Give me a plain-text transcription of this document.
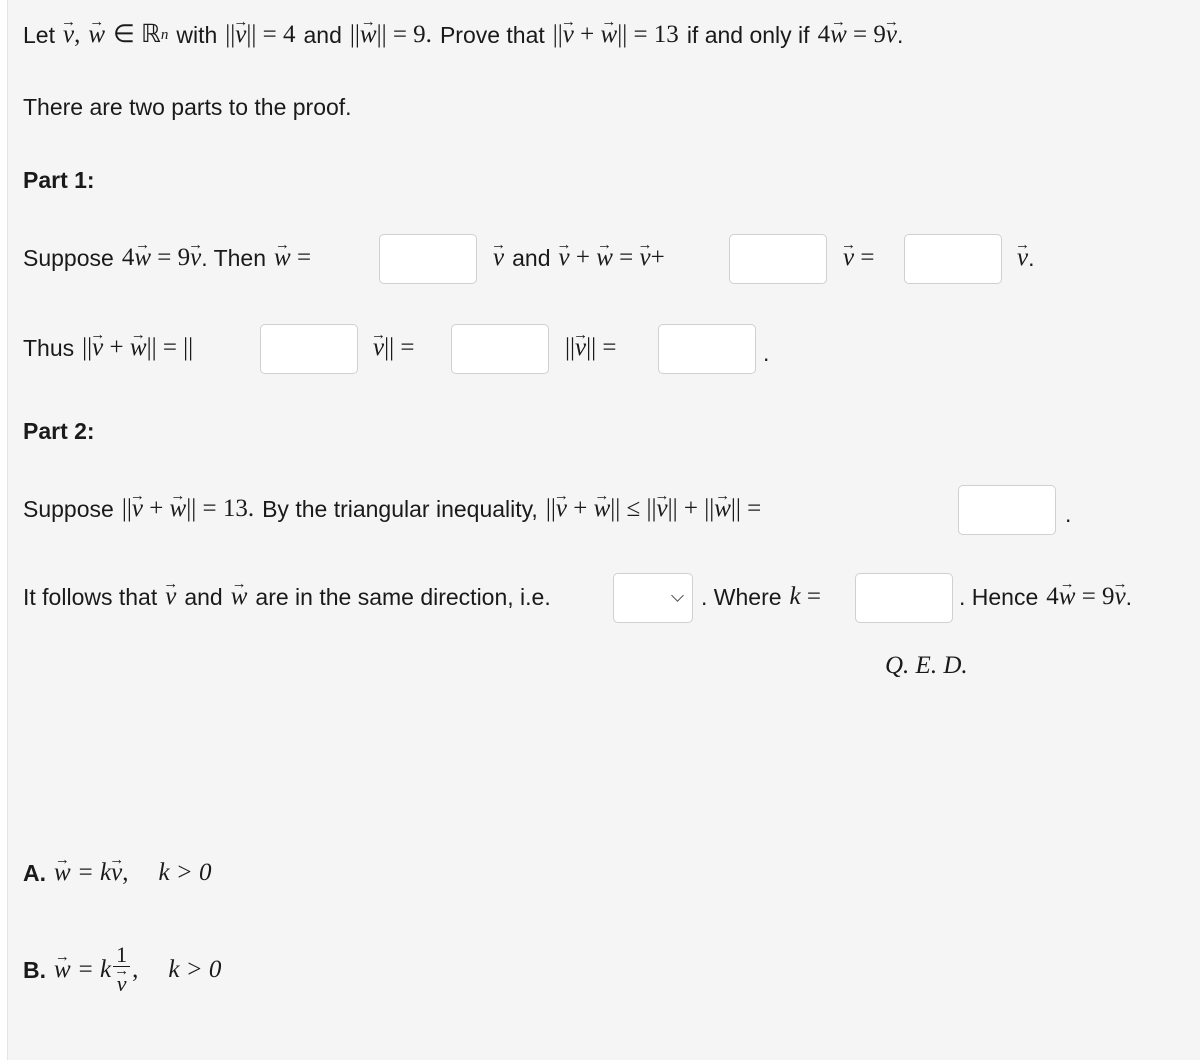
Let → v , → w ∈ ℝ n with || → v || = 4 and || → w || = 9. Prove that || → v + → w || = 13 if and only if 4 → w
= 9 → v .
There are two parts to the proof.
Part 1:
Suppose 4 → w = 9 → v . Then → w
=	→ v and → v + → w
=
→ v +	→ v
=	→ v .
Thus || → v + → w || = ||	→ v || =	|| → v || =	.
Part 2:
Suppose || → v + → w || = 13. By the triangular inequality, || → v + → w || ≤ || → v || + || → w || =	.
It follows that → v and → w are in the same direction, i.e.	. Where k
=	. Hence 4 → w
= 9 → v .
Q. E. D.
A. → w
= k → v , k > 0
B. → w
= k 1
→ v , k > 0
